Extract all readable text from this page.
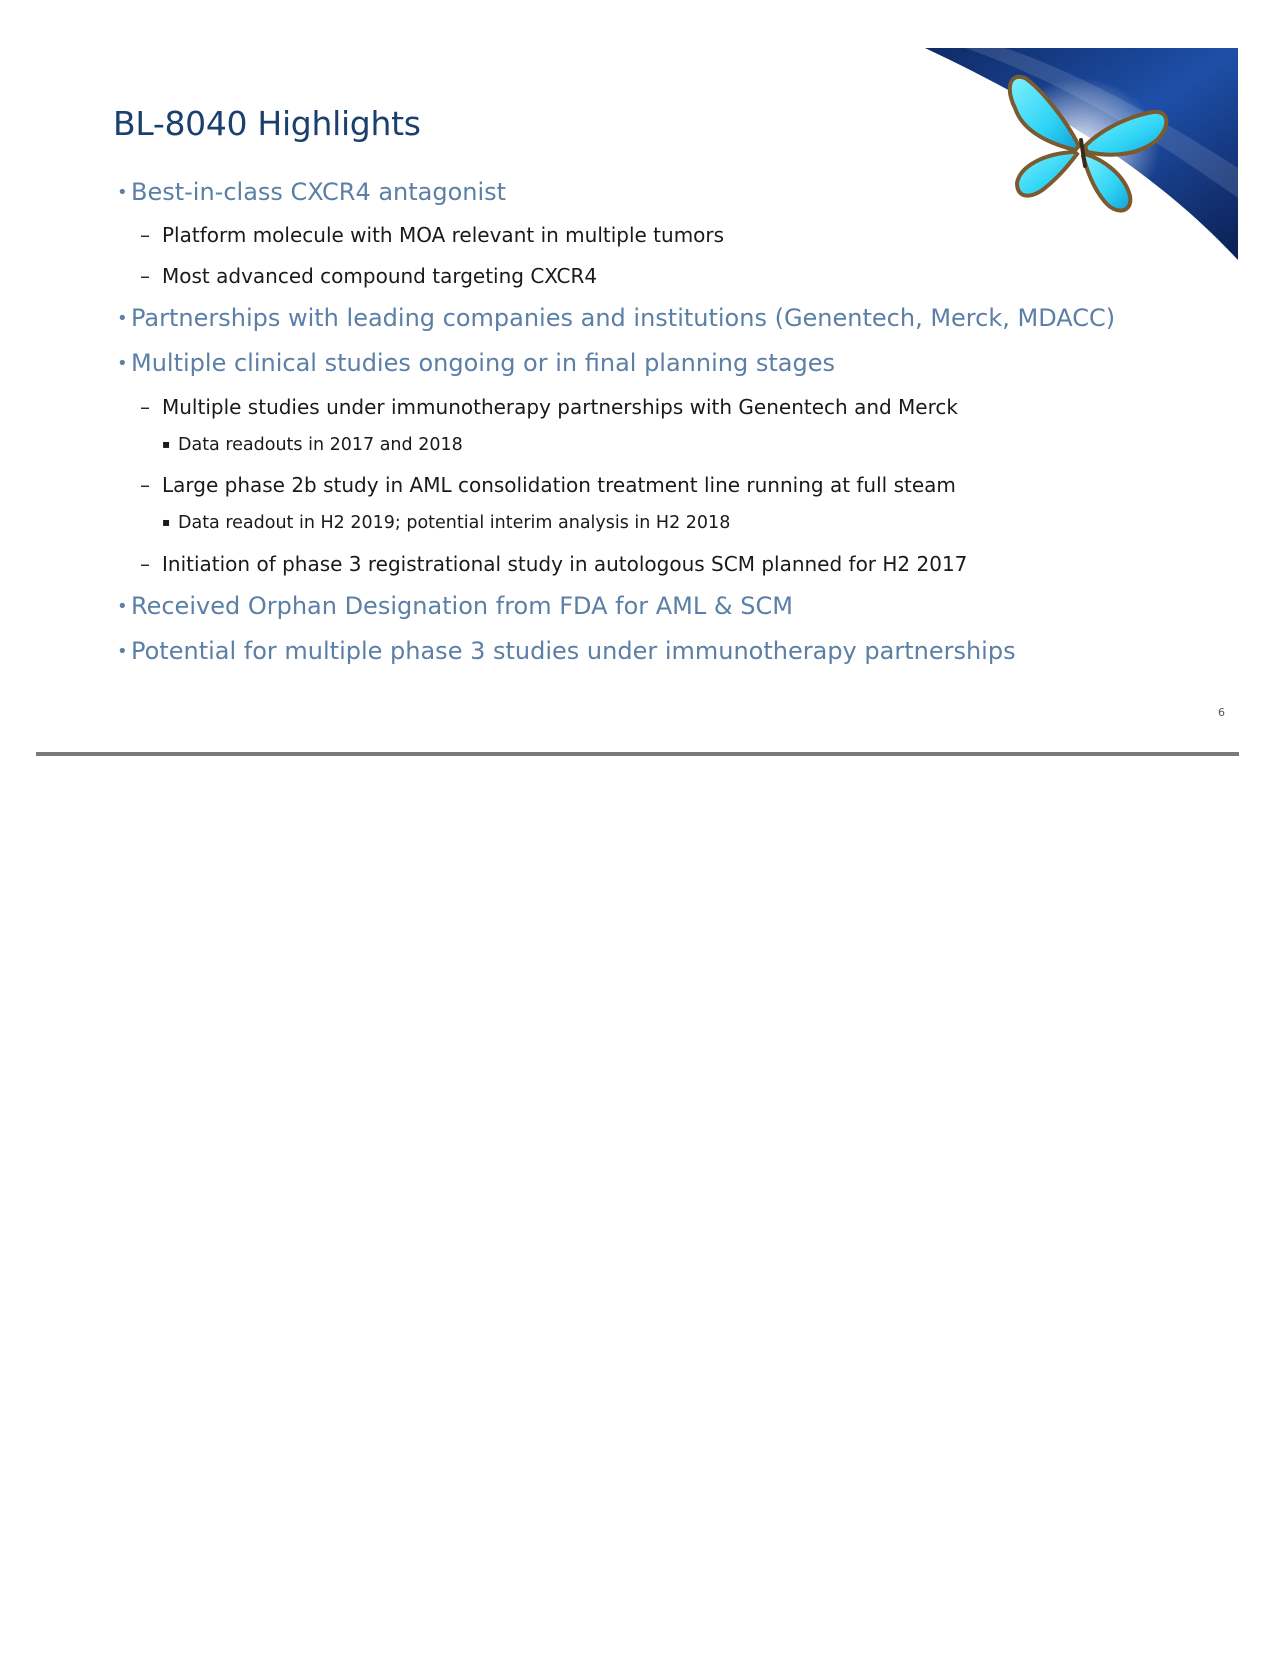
BL-8040 Highlights
• Best-in-class CXCR4 antagonist
– Platform molecule with MOA relevant in multiple tumors
– Most advanced compound targeting CXCR4
• Partnerships with leading companies and institutions (Genentech, Merck, MDACC)
• Multiple clinical studies ongoing or in final planning stages
– Multiple studies under immunotherapy partnerships with Genentech and Merck
▪ Data readouts in 2017 and 2018
– Large phase 2b study in AML consolidation treatment line running at full steam
▪ Data readout in H2 2019; potential interim analysis in H2 2018
– Initiation of phase 3 registrational study in autologous SCM planned for H2 2017
• Received Orphan Designation from FDA for AML & SCM
• Potential for multiple phase 3 studies under immunotherapy partnerships
6
